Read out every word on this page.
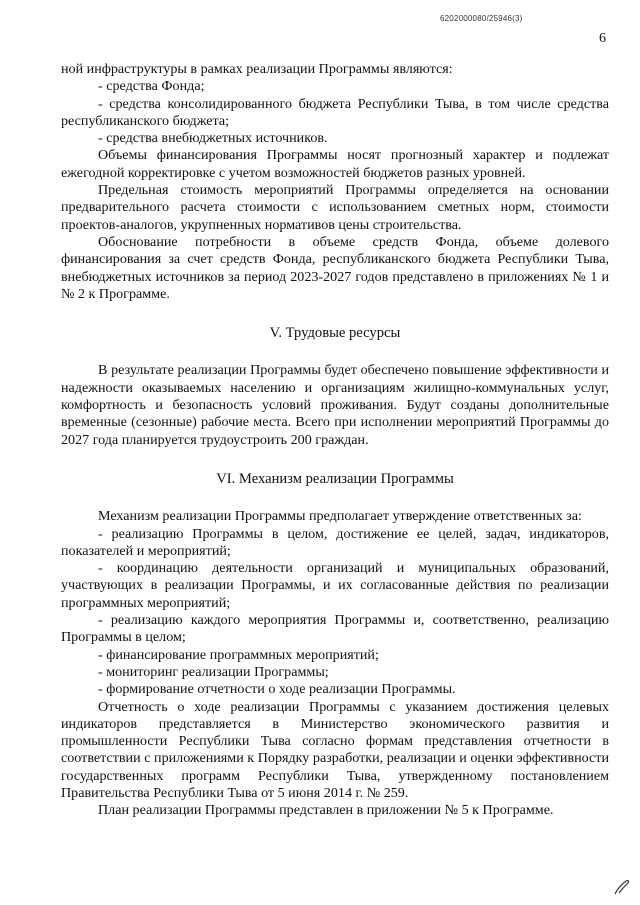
6202000080/25946(3)
6

ной инфраструктуры в рамках реализации Программы являются:

- средства Фонда;

- средства консолидированного бюджета Республики Тыва, в том числе средства республиканского бюджета;

- средства внебюджетных источников.

Объемы финансирования Программы носят прогнозный характер и подлежат ежегодной корректировке с учетом возможностей бюджетов разных уровней.

Предельная стоимость мероприятий Программы определяется на основании предварительного расчета стоимости с использованием сметных норм, стоимости проектов-аналогов, укрупненных нормативов цены строительства.

Обоснование потребности в объеме средств Фонда, объеме долевого финансирования за счет средств Фонда, республиканского бюджета Республики Тыва, внебюджетных источников за период 2023-2027 годов представлено в приложениях № 1 и № 2 к Программе.

V. Трудовые ресурсы

В результате реализации Программы будет обеспечено повышение эффективности и надежности оказываемых населению и организациям жилищно-коммунальных услуг, комфортность и безопасность условий проживания. Будут созданы дополнительные временные (сезонные) рабочие места. Всего при исполнении мероприятий Программы до 2027 года планируется трудоустроить 200 граждан.

VI. Механизм реализации Программы

Механизм реализации Программы предполагает утверждение ответственных за:

- реализацию Программы в целом, достижение ее целей, задач, индикаторов, показателей и мероприятий;

- координацию деятельности организаций и муниципальных образований, участвующих в реализации Программы, и их согласованные действия по реализации программных мероприятий;

- реализацию каждого мероприятия Программы и, соответственно, реализацию Программы в целом;

- финансирование программных мероприятий;

- мониторинг реализации Программы;

- формирование отчетности о ходе реализации Программы.

Отчетность о ходе реализации Программы с указанием достижения целевых индикаторов представляется в Министерство экономического развития и промышленности Республики Тыва согласно формам представления отчетности в соответствии с приложениями к Порядку разработки, реализации и оценки эффективности государственных программ Республики Тыва, утвержденному постановлением Правительства Республики Тыва от 5 июня 2014 г. № 259.

План реализации Программы представлен в приложении № 5 к Программе.
